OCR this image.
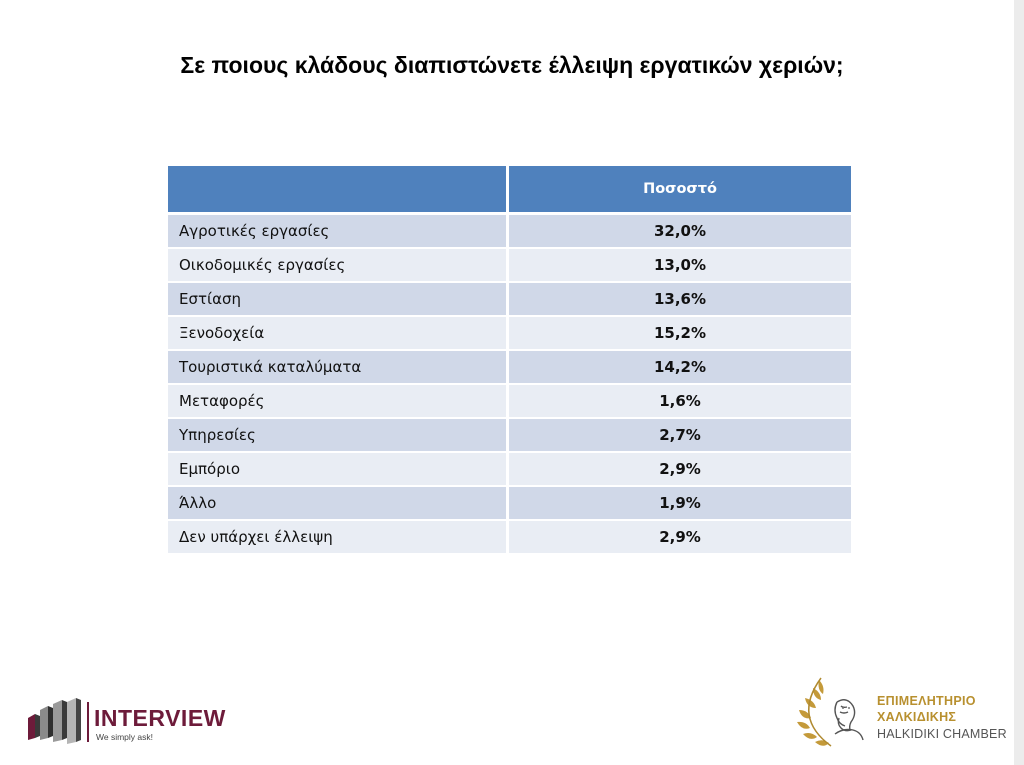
Σε ποιους κλάδους διαπιστώνετε έλλειψη εργατικών χεριών;
	Ποσοστό
Αγροτικές εργασίες	32,0%
Οικοδομικές εργασίες	13,0%
Εστίαση	13,6%
Ξενοδοχεία	15,2%
Τουριστικά καταλύματα	14,2%
Μεταφορές	1,6%
Υπηρεσίες	2,7%
Εμπόριο	2,9%
Άλλο	1,9%
Δεν υπάρχει έλλειψη	2,9%
INTERVIEW
We simply ask!
ΕΠΙΜΕΛΗΤΗΡΙΟ
ΧΑΛΚΙΔΙΚΗΣ
HALKIDIKI CHAMBER
